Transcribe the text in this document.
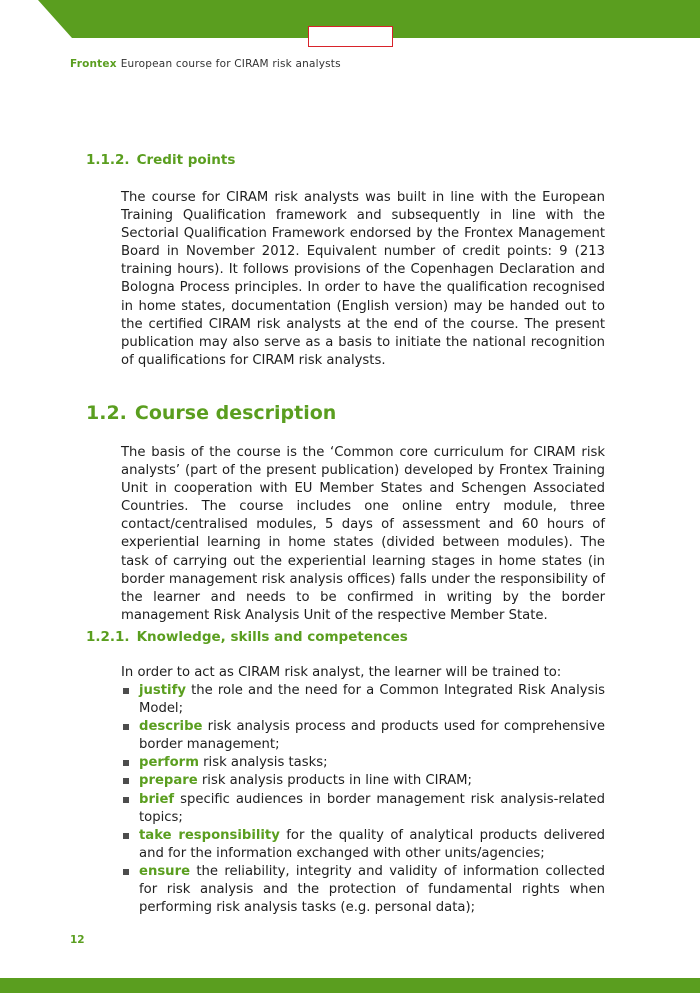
Frontex European course for CIRAM risk analysts
1.1.2. Credit points

The course for CIRAM risk analysts was built in line with the European Training Qualification framework and subsequently in line with the Sectorial Qualification Framework endorsed by the Frontex Management Board in November 2012. Equivalent number of credit points: 9 (213 training hours). It follows provisions of the Copenhagen Declaration and Bologna Process principles. In order to have the qualification recognised in home states, documentation (English version) may be handed out to the certified CIRAM risk analysts at the end of the course. The present publication may also serve as a basis to initiate the national recognition of qualifications for CIRAM risk analysts.

1.2. Course description

The basis of the course is the ‘Common core curriculum for CIRAM risk analysts’ (part of the present publication) developed by Frontex Training Unit in cooperation with EU Member States and Schengen Associated Countries. The course includes one online entry module, three contact/centralised modules, 5 days of assessment and 60 hours of experiential learning in home states (divided between modules). The task of carrying out the experiential learning stages in home states (in border management risk analysis offices) falls under the responsibility of the learner and needs to be confirmed in writing by the border management Risk Analysis Unit of the respective Member State.

1.2.1. Knowledge, skills and competences
In order to act as CIRAM risk analyst, the learner will be trained to:
justify the role and the need for a Common Integrated Risk Analysis Model;
describe risk analysis process and products used for comprehensive border management;
perform risk analysis tasks;
prepare risk analysis products in line with CIRAM;
brief specific audiences in border management risk analysis-related topics;
take responsibility for the quality of analytical products delivered and for the information exchanged with other units/agencies;
ensure the reliability, integrity and validity of information collected for risk analysis and the protection of fundamental rights when performing risk analysis tasks (e.g. personal data);
12
